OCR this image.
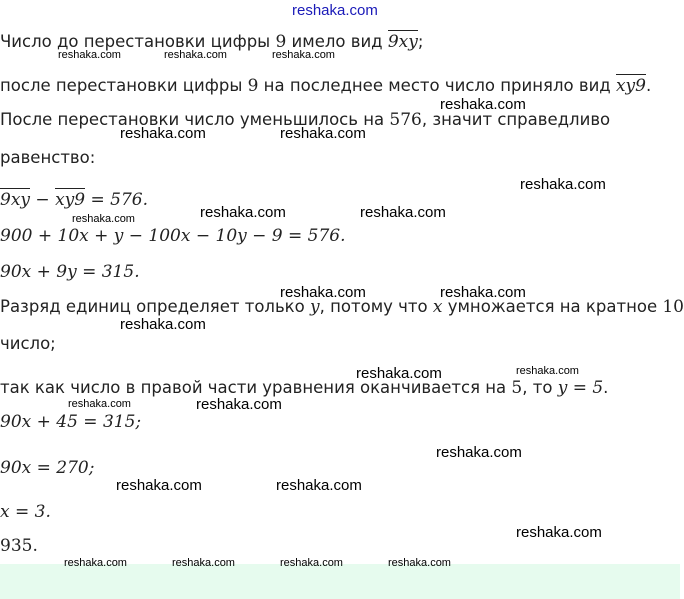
reshaka.com
Число до перестановки цифры 9 имело вид 9xy;
после перестановки цифры 9 на последнее место число приняло вид xy9.
После перестановки число уменьшилось на 576, значит справедливо
равенство:
9xy − xy9 = 576.
900 + 10x + y − 100x − 10y − 9 = 576.
90x + 9y = 315.
Разряд единиц определяет только y, потому что x умножается на кратное 10
число;
так как число в правой части уравнения оканчивается на 5, то y = 5.
90x + 45 = 315;
90x = 270;
x = 3.
935.
reshaka.com	reshaka.com	reshaka.com
reshaka.com
reshaka.com	reshaka.com
reshaka.com
reshaka.com	reshaka.com
reshaka.com
reshaka.com	reshaka.com
reshaka.com
reshaka.com	reshaka.com
reshaka.com	reshaka.com
reshaka.com
reshaka.com	reshaka.com
reshaka.com
reshaka.com	reshaka.com	reshaka.com	reshaka.com
